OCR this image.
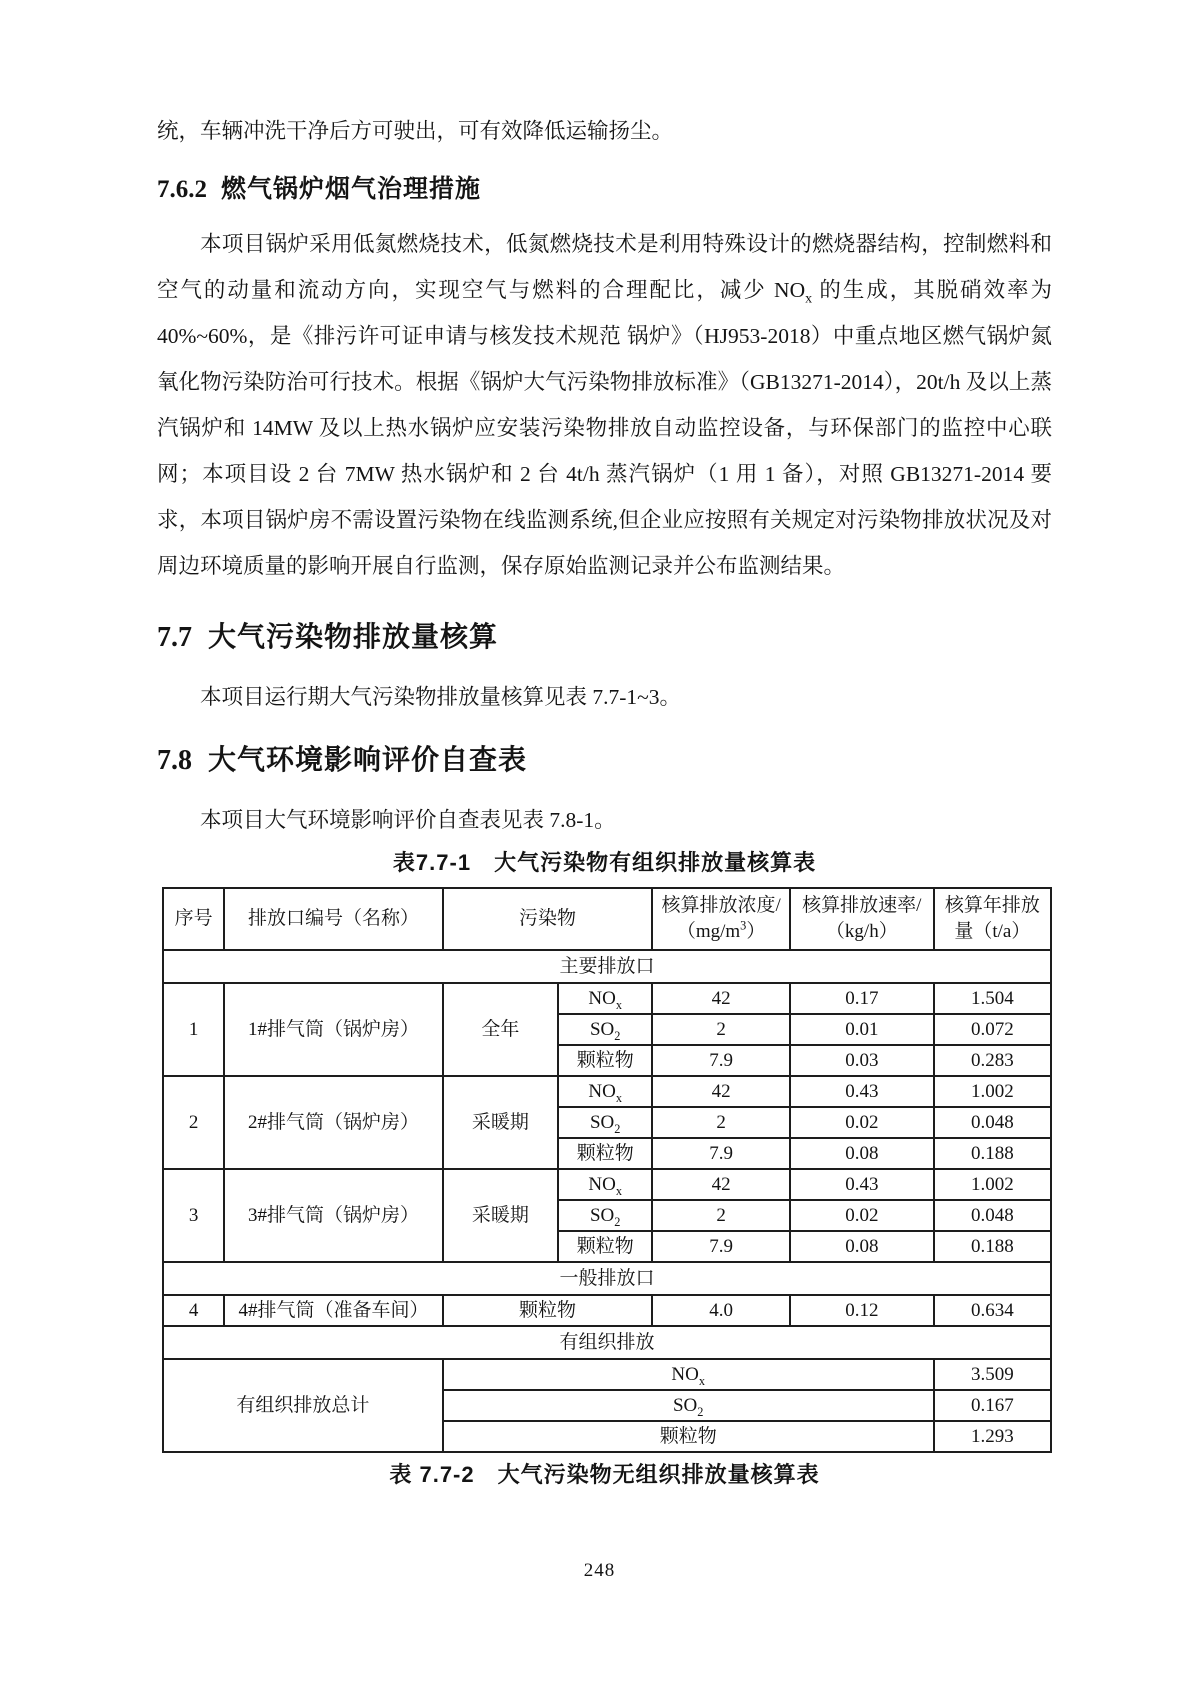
统，车辆冲洗干净后方可驶出，可有效降低运输扬尘。

7.6.2 燃气锅炉烟气治理措施

本项目锅炉采用低氮燃烧技术，低氮燃烧技术是利用特殊设计的燃烧器结构，控制燃料和空气的动量和流动方向，实现空气与燃料的合理配比，减少 $NO_x$ 的生成，其脱硝效率为 40%~60%，是《排污许可证申请与核发技术规范 锅炉》（HJ953-2018）中重点地区燃气锅炉氮氧化物污染防治可行技术。根据《锅炉大气污染物排放标准》（GB13271-2014），20t/h 及以上蒸汽锅炉和 14MW 及以上热水锅炉应安装污染物排放自动监控设备，与环保部门的监控中心联网；本项目设 2 台 7MW 热水锅炉和 2 台 4t/h 蒸汽锅炉（1 用 1 备），对照 GB13271-2014 要求，本项目锅炉房不需设置污染物在线监测系统,但企业应按照有关规定对污染物排放状况及对周边环境质量的影响开展自行监测，保存原始监测记录并公布监测结果。

7.7 大气污染物排放量核算

本项目运行期大气污染物排放量核算见表 7.7-1~3。

7.8 大气环境影响评价自查表

本项目大气环境影响评价自查表见表 7.8-1。

表7.7-1　大气污染物有组织排放量核算表
序号	排放口编号（名称）	污染物		核算排放浓度$/(mg/m^3)$	核算排放速率/（kg/h）	核算年排放量（t/a）
主要排放口						
1	1#排气筒（锅炉房）	全年	$NO_x$	42	0.17	1.504
			$SO_2$	2	0.01	0.072
			颗粒物	7.9	0.03	0.283
2	2#排气筒（锅炉房）	采暖期	$NO_x$	42	0.43	1.002
			$SO_2$	2	0.02	0.048
			颗粒物	7.9	0.08	0.188
3	3#排气筒（锅炉房）	采暖期	$NO_x$	42	0.43	1.002
			$SO_2$	2	0.02	0.048
			颗粒物	7.9	0.08	0.188
一般排放口						
4	4#排气筒（准备车间）	颗粒物		4.0	0.12	0.634
有组织排放						
有组织排放总计		$NO_x$				3.509
		$SO_2$				0.167
		颗粒物				1.293
表 7.7-2　大气污染物无组织排放量核算表
248
